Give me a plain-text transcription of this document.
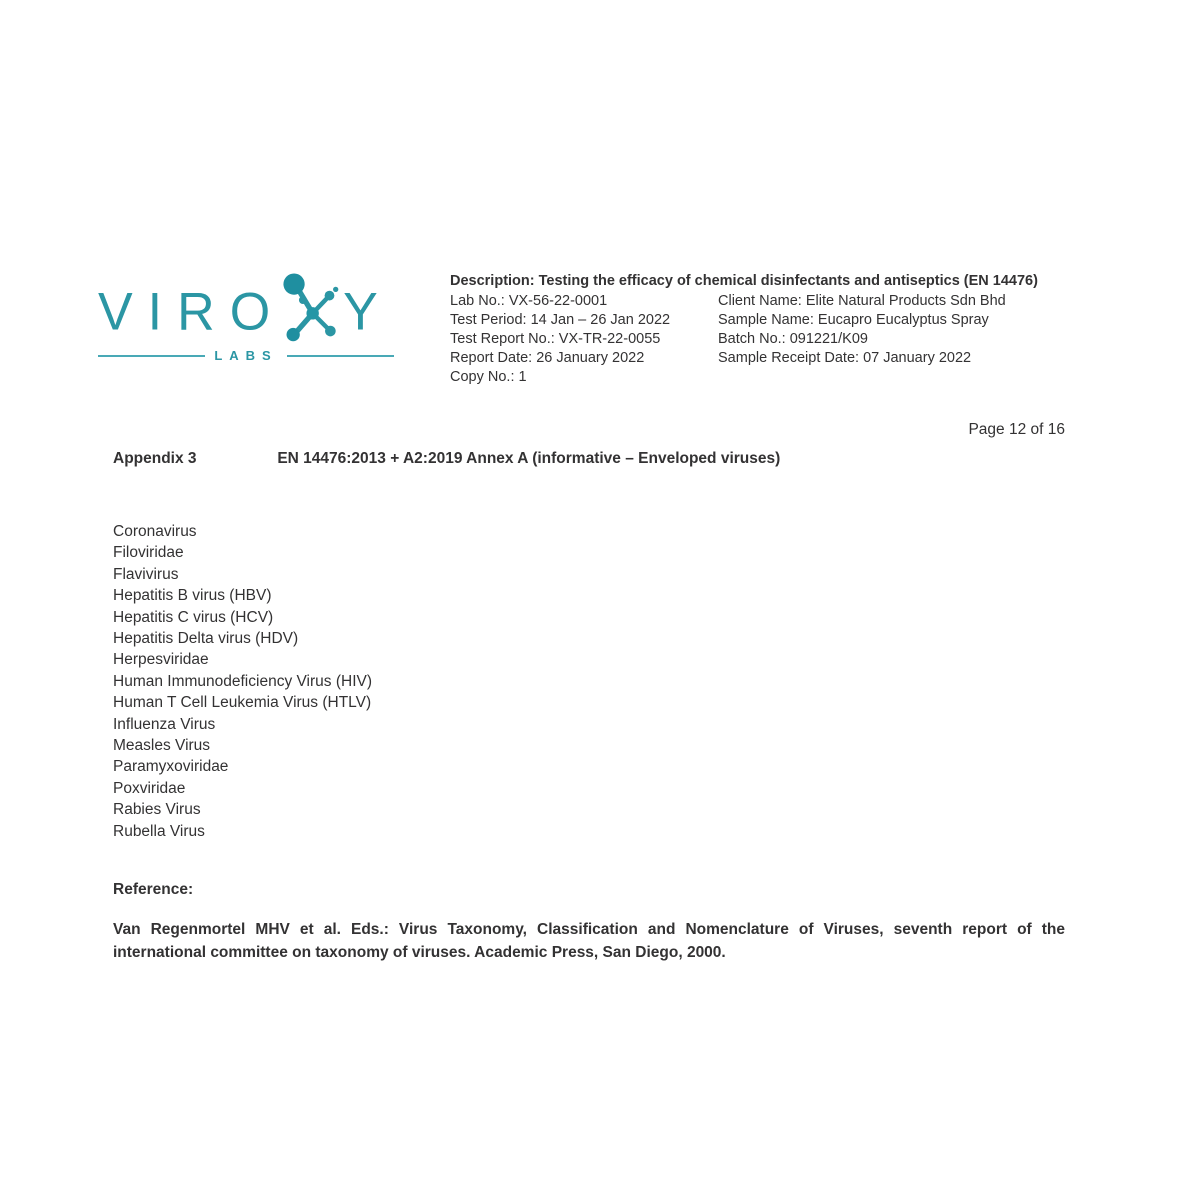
VIR O Y
LABS
Description: Testing the efficacy of chemical disinfectants and antiseptics (EN 14476)
Lab No.: VX-56-22-0001	Client Name: Elite Natural Products Sdn Bhd
Test Period: 14 Jan – 26 Jan 2022	Sample Name: Eucapro Eucalyptus Spray
Test Report No.: VX-TR-22-0055	Batch No.: 091221/K09
Report Date: 26 January 2022	Sample Receipt Date: 07 January 2022
Copy No.: 1
Page 12 of 16
Appendix 3	EN 14476:2013 + A2:2019 Annex A (informative – Enveloped viruses)
Coronavirus
Filoviridae
Flavivirus
Hepatitis B virus (HBV)
Hepatitis C virus (HCV)
Hepatitis Delta virus (HDV)
Herpesviridae
Human Immunodeficiency Virus (HIV)
Human T Cell Leukemia Virus (HTLV)
Influenza Virus
Measles Virus
Paramyxoviridae
Poxviridae
Rabies Virus
Rubella Virus
Reference:
Van Regenmortel MHV et al. Eds.: Virus Taxonomy, Classification and Nomenclature of Viruses, seventh report of the international committee on taxonomy of viruses. Academic Press, San Diego, 2000.
